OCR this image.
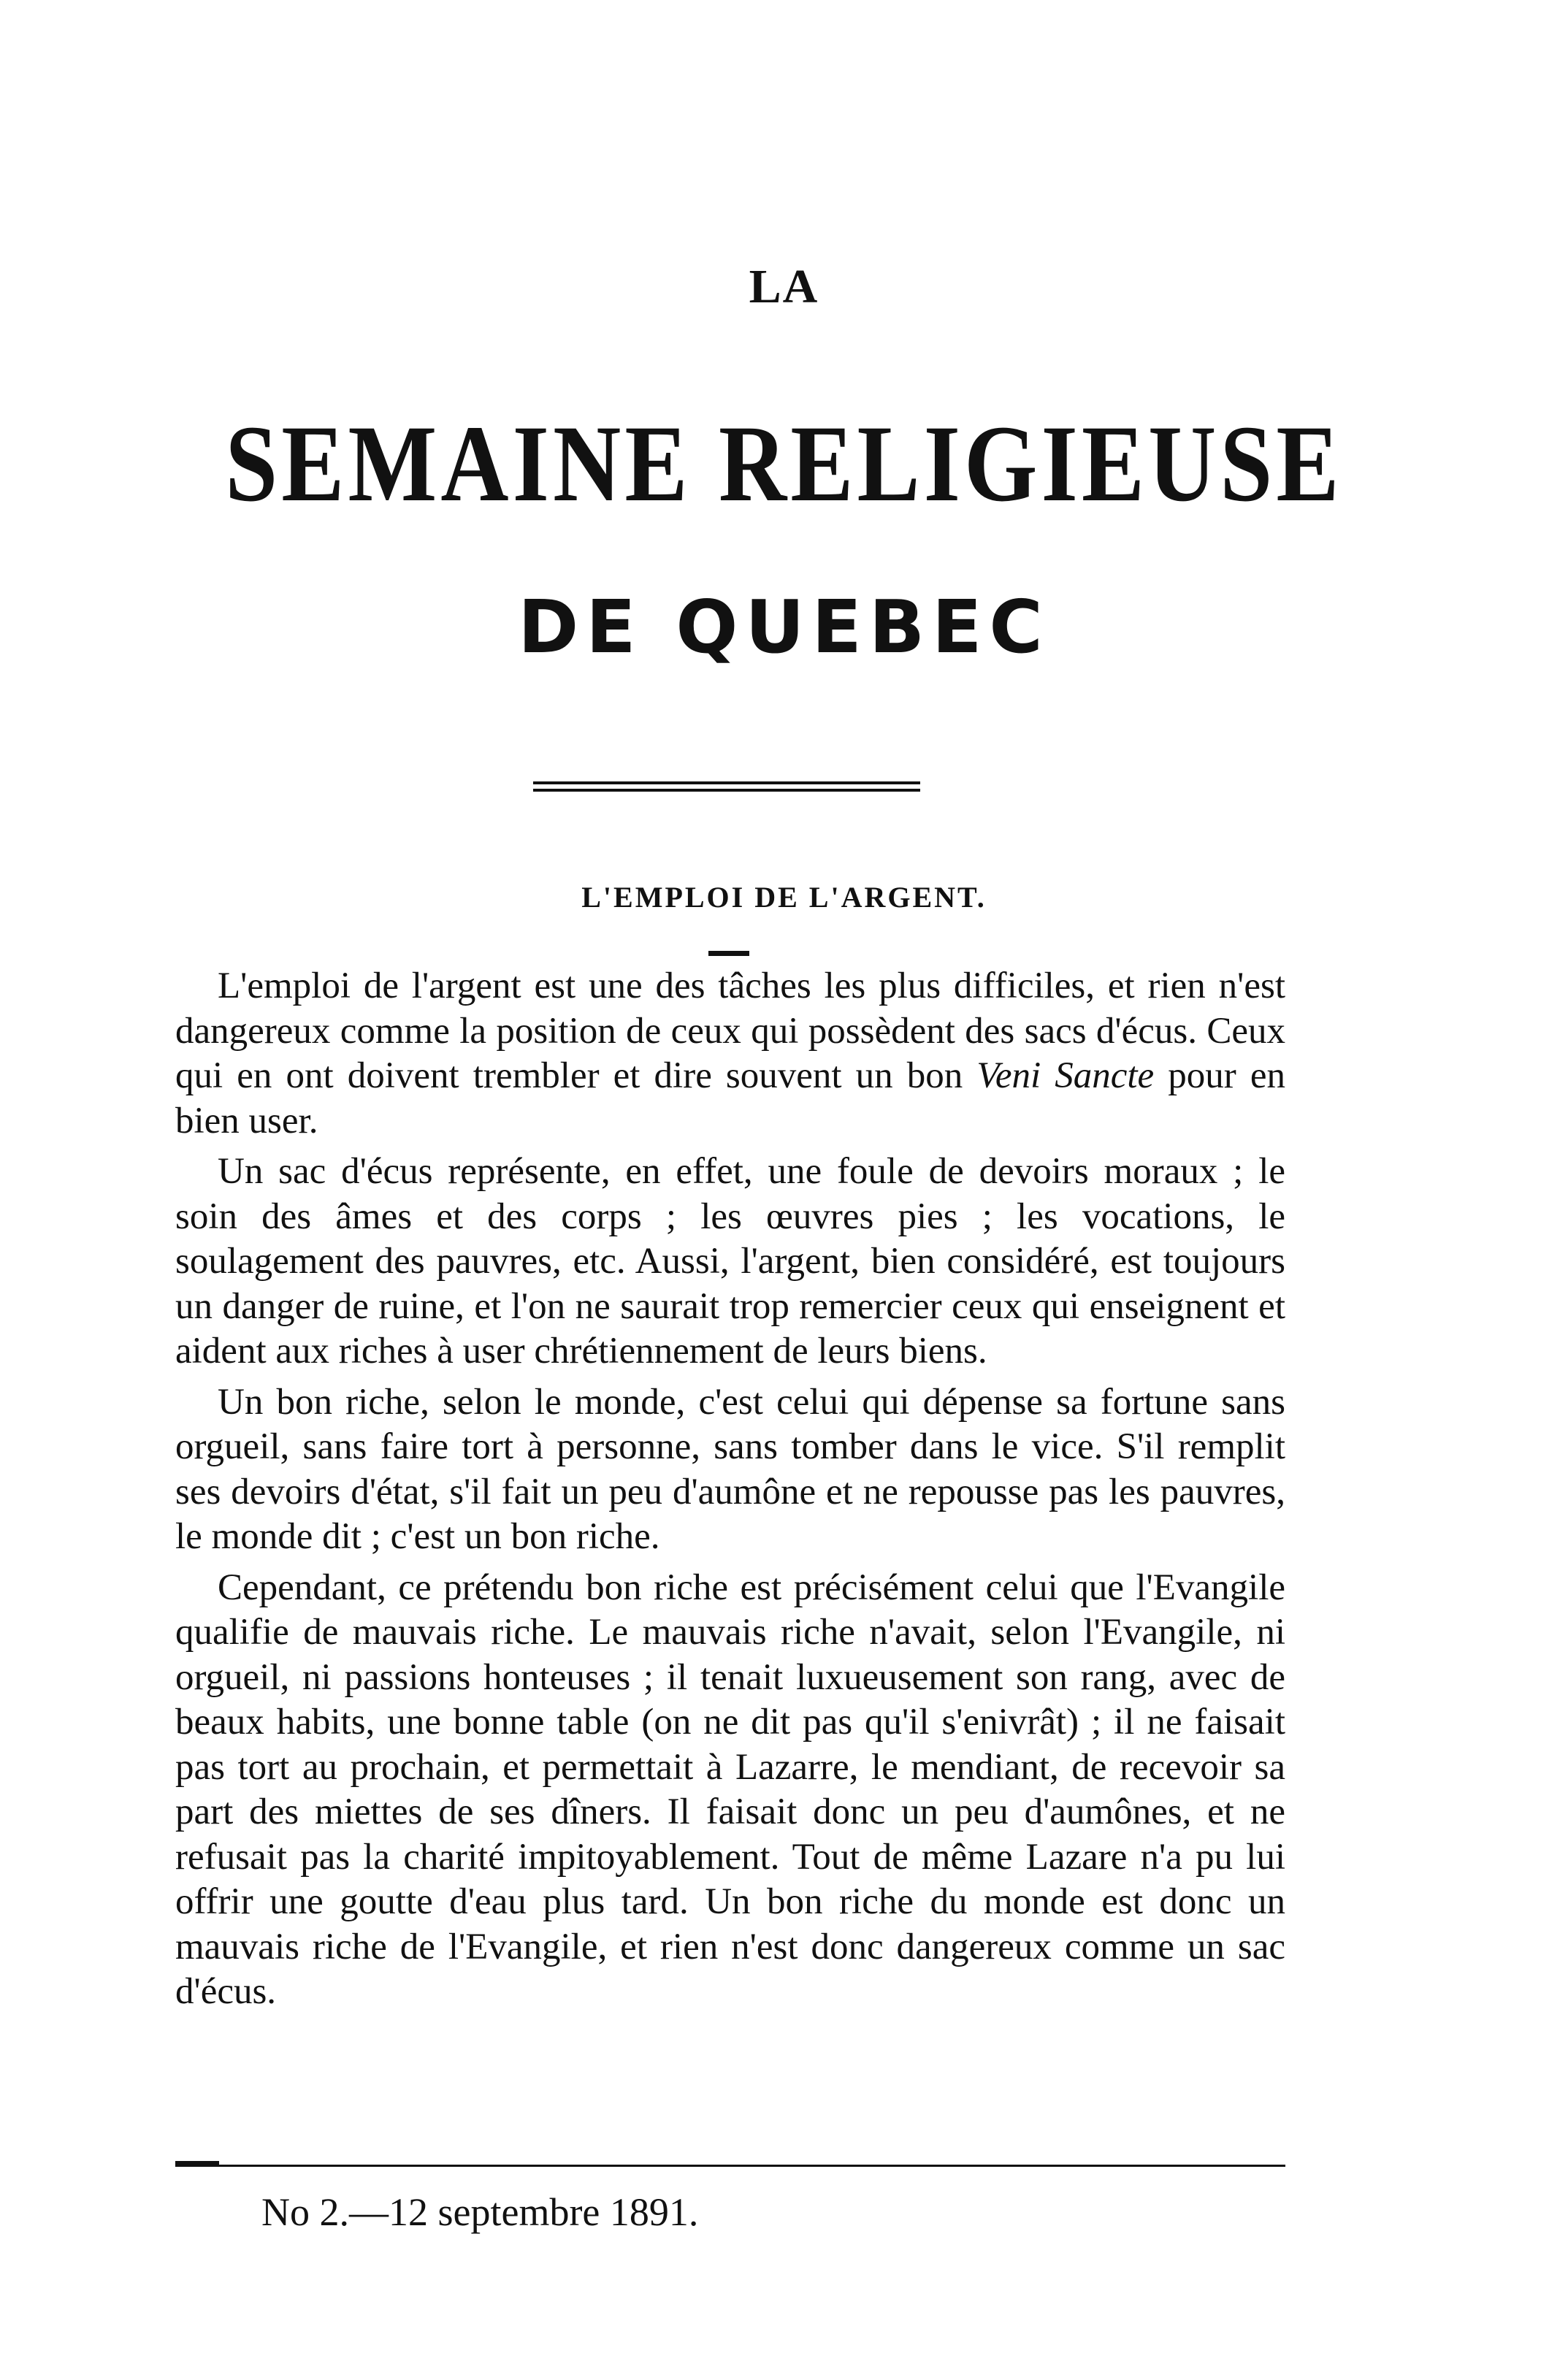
LA
SEMAINE RELIGIEUSE
DE QUEBEC
L'EMPLOI DE L'ARGENT.

L'emploi de l'argent est une des tâches les plus difficiles, et rien n'est dangereux comme la position de ceux qui possèdent des sacs d'écus. Ceux qui en ont doivent trembler et dire souvent un bon Veni Sancte pour en bien user.

Un sac d'écus représente, en effet, une foule de devoirs moraux ; le soin des âmes et des corps ; les œuvres pies ; les vocations, le soulagement des pauvres, etc. Aussi, l'argent, bien considéré, est toujours un danger de ruine, et l'on ne saurait trop remercier ceux qui enseignent et aident aux riches à user chrétiennement de leurs biens.

Un bon riche, selon le monde, c'est celui qui dépense sa fortune sans orgueil, sans faire tort à personne, sans tomber dans le vice. S'il remplit ses devoirs d'état, s'il fait un peu d'aumône et ne repousse pas les pauvres, le monde dit ; c'est un bon riche.

Cependant, ce prétendu bon riche est précisément celui que l'Evangile qualifie de mauvais riche. Le mauvais riche n'avait, selon l'Evangile, ni orgueil, ni passions honteuses ; il tenait luxueusement son rang, avec de beaux habits, une bonne table (on ne dit pas qu'il s'enivrât) ; il ne faisait pas tort au prochain, et permettait à Lazarre, le mendiant, de recevoir sa part des miettes de ses dîners. Il faisait donc un peu d'aumônes, et ne refusait pas la charité impitoyablement. Tout de même Lazare n'a pu lui offrir une goutte d'eau plus tard. Un bon riche du monde est donc un mauvais riche de l'Evangile, et rien n'est donc dangereux comme un sac d'écus.

No 2.—12 septembre 1891.
